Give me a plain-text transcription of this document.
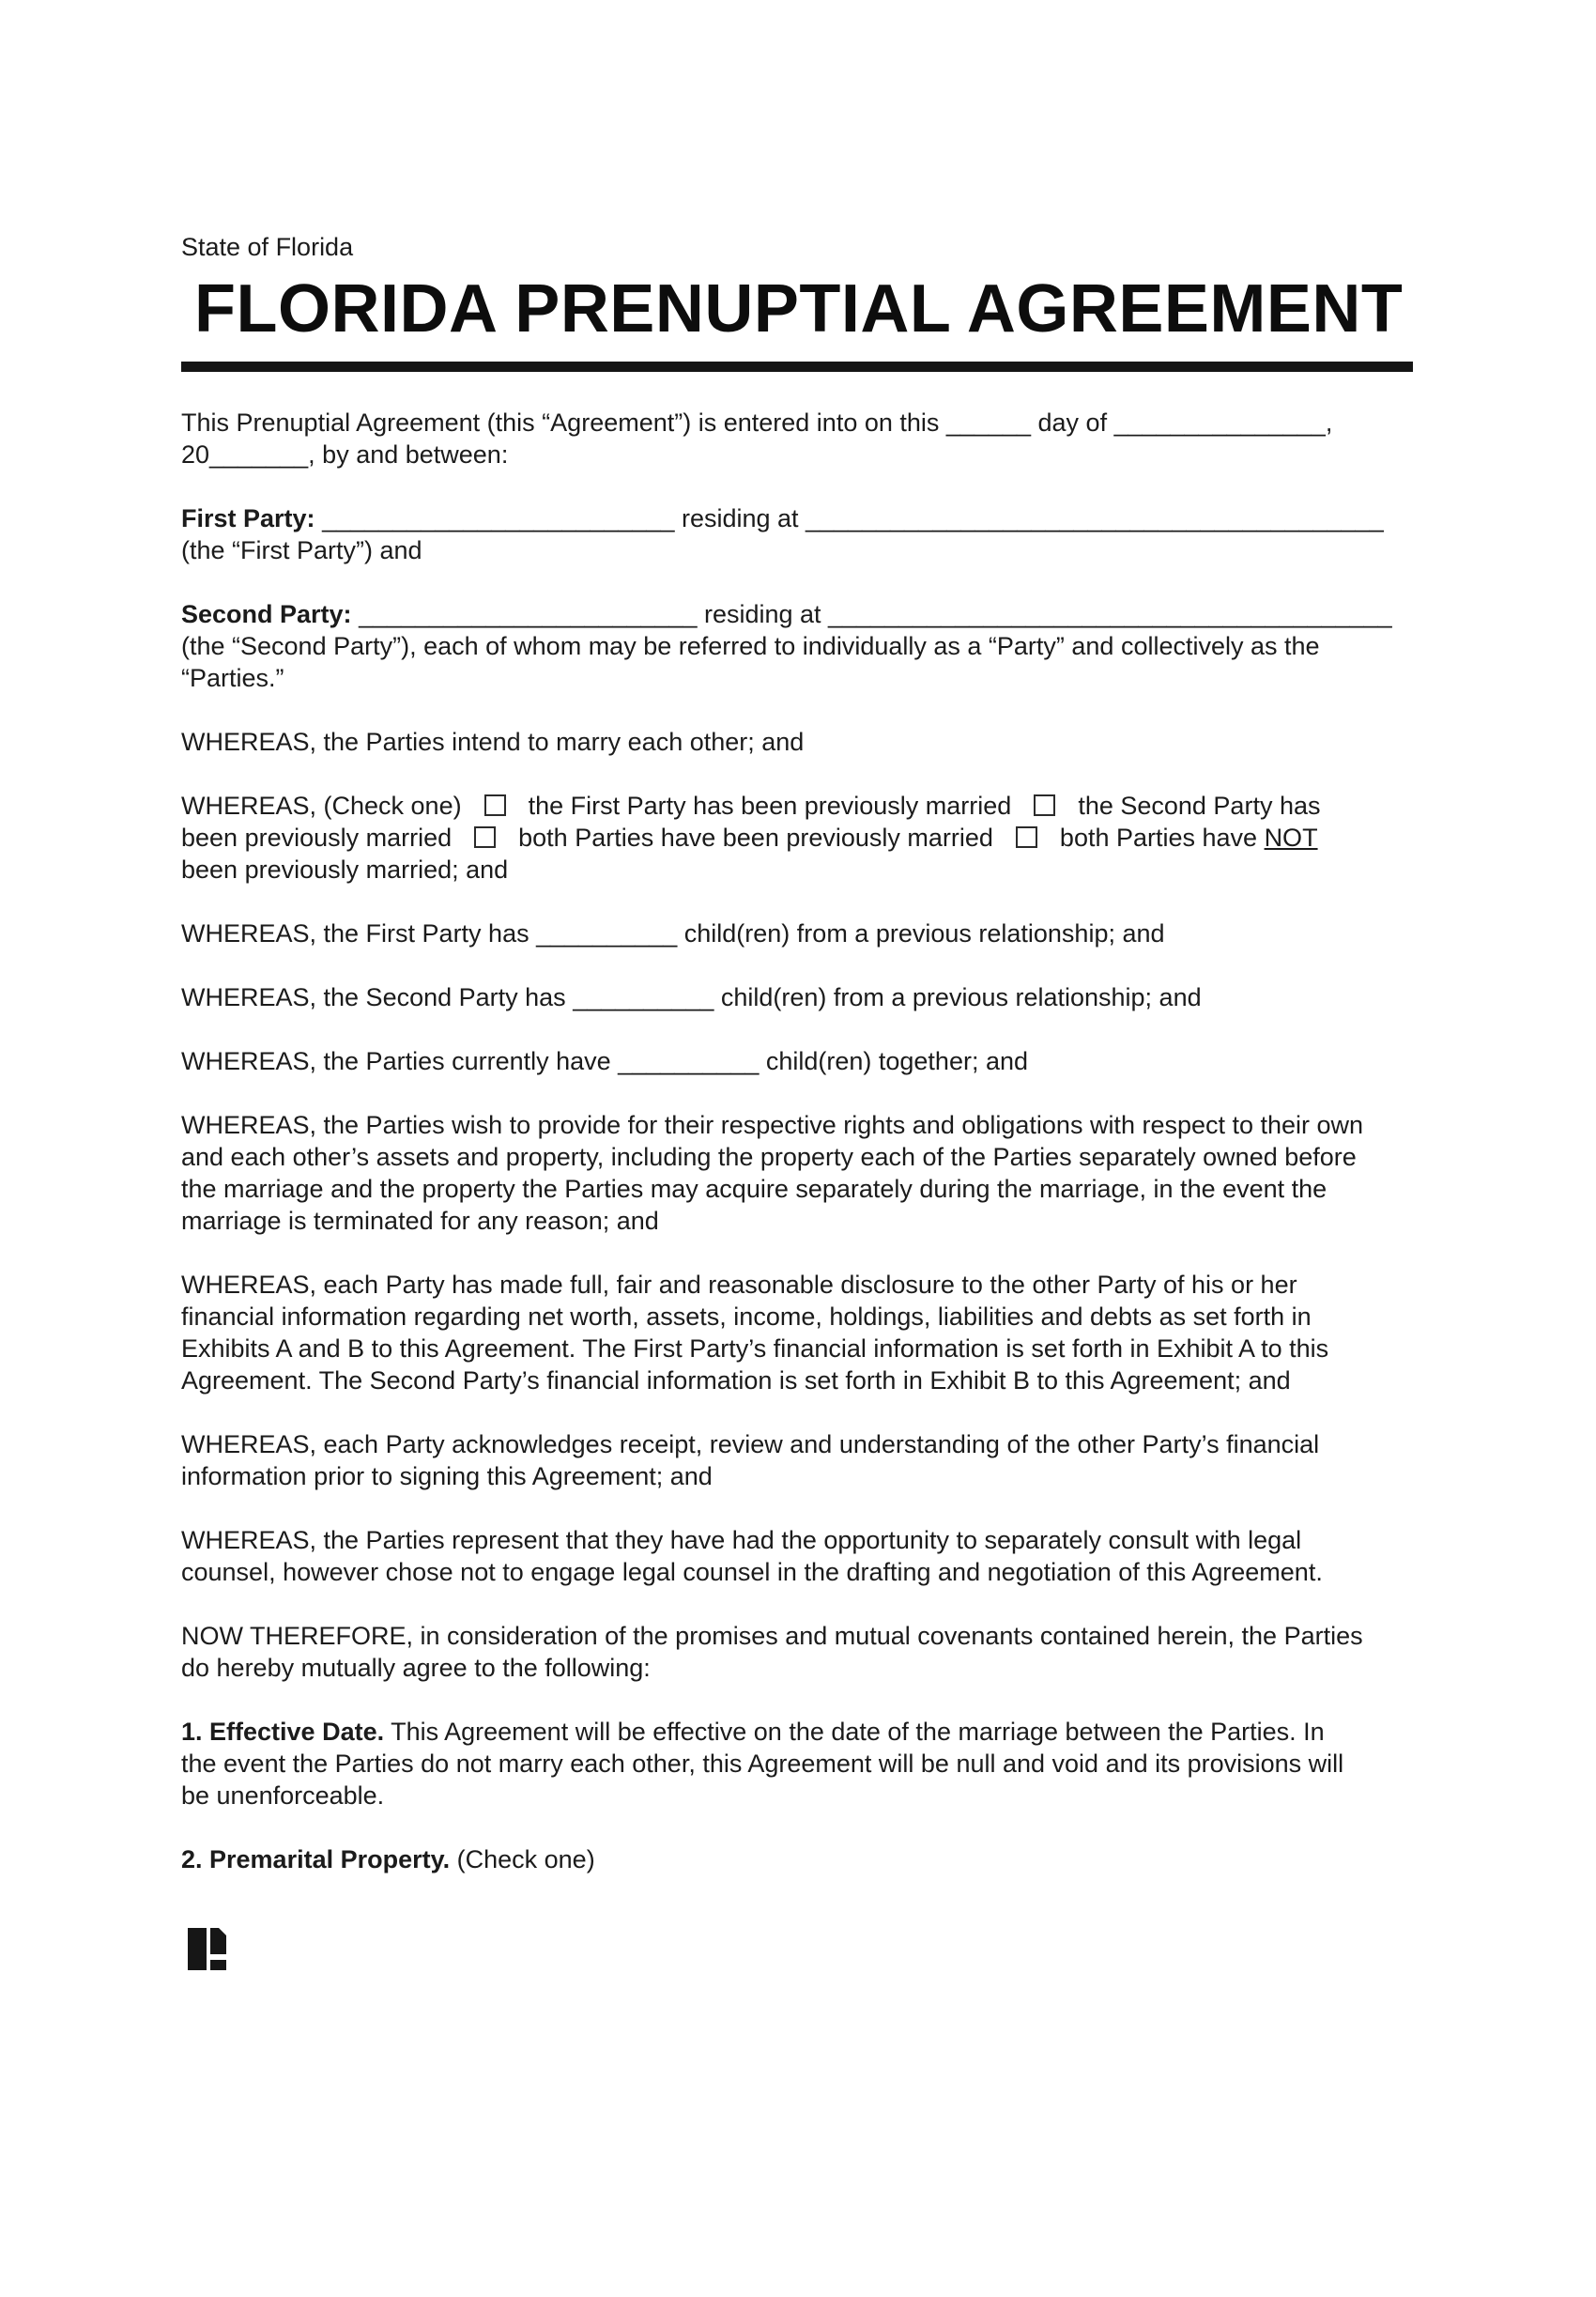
State of Florida
FLORIDA PRENUPTIAL AGREEMENT
This Prenuptial Agreement (this “Agreement”) is entered into on this ______ day of _______________,
20_______, by and between:
First Party: _________________________ residing at _________________________________________
(the “First Party”) and
Second Party: ________________________ residing at ________________________________________
(the “Second Party”), each of whom may be referred to individually as a “Party” and collectively as the
“Parties.”
WHEREAS, the Parties intend to marry each other; and
WHEREAS, (Check one)	the First Party has been previously married	the Second Party has
been previously married	both Parties have been previously married	both Parties have NOT
been previously married; and
WHEREAS, the First Party has __________ child(ren) from a previous relationship; and
WHEREAS, the Second Party has __________ child(ren) from a previous relationship; and
WHEREAS, the Parties currently have __________ child(ren) together; and
WHEREAS, the Parties wish to provide for their respective rights and obligations with respect to their own
and each other’s assets and property, including the property each of the Parties separately owned before
the marriage and the property the Parties may acquire separately during the marriage, in the event the
marriage is terminated for any reason; and
WHEREAS, each Party has made full, fair and reasonable disclosure to the other Party of his or her
financial information regarding net worth, assets, income, holdings, liabilities and debts as set forth in
Exhibits A and B to this Agreement. The First Party’s financial information is set forth in Exhibit A to this
Agreement. The Second Party’s financial information is set forth in Exhibit B to this Agreement; and
WHEREAS, each Party acknowledges receipt, review and understanding of the other Party’s financial
information prior to signing this Agreement; and
WHEREAS, the Parties represent that they have had the opportunity to separately consult with legal
counsel, however chose not to engage legal counsel in the drafting and negotiation of this Agreement.
NOW THEREFORE, in consideration of the promises and mutual covenants contained herein, the Parties
do hereby mutually agree to the following:
1. Effective Date. This Agreement will be effective on the date of the marriage between the Parties. In
the event the Parties do not marry each other, this Agreement will be null and void and its provisions will
be unenforceable.
2. Premarital Property. (Check one)
